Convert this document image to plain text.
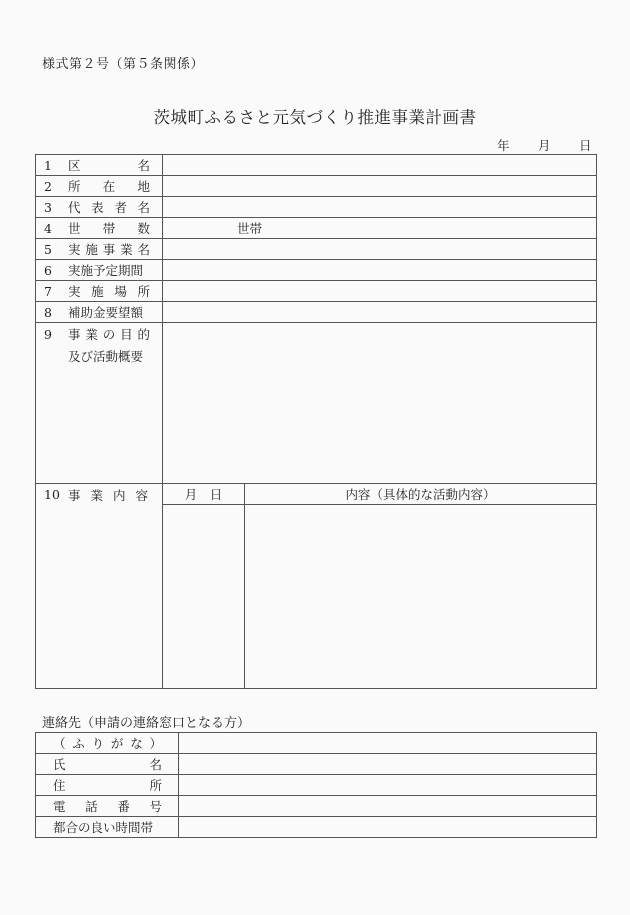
様式第２号（第５条関係）
茨城町ふるさと元気づくり推進事業計画書
年 月 日
1 区 名		

2 所 在 地		

3 代 表 者 名		

4 世 帯 数	世帯	

5	実 施 事 業 名

6 実施予定期間		

7 実 施 場 所		

8 補助金要望額		

9	事 業 の 目 的
及び活動概要

10 事 業 内 容	月　日	内容（具体的な活動内容）

連絡先（申請の連絡窓口となる方）
（ ふ り が な ）

氏 名	

住 所	

電 話 番 号	

都合の良い時間帯	
